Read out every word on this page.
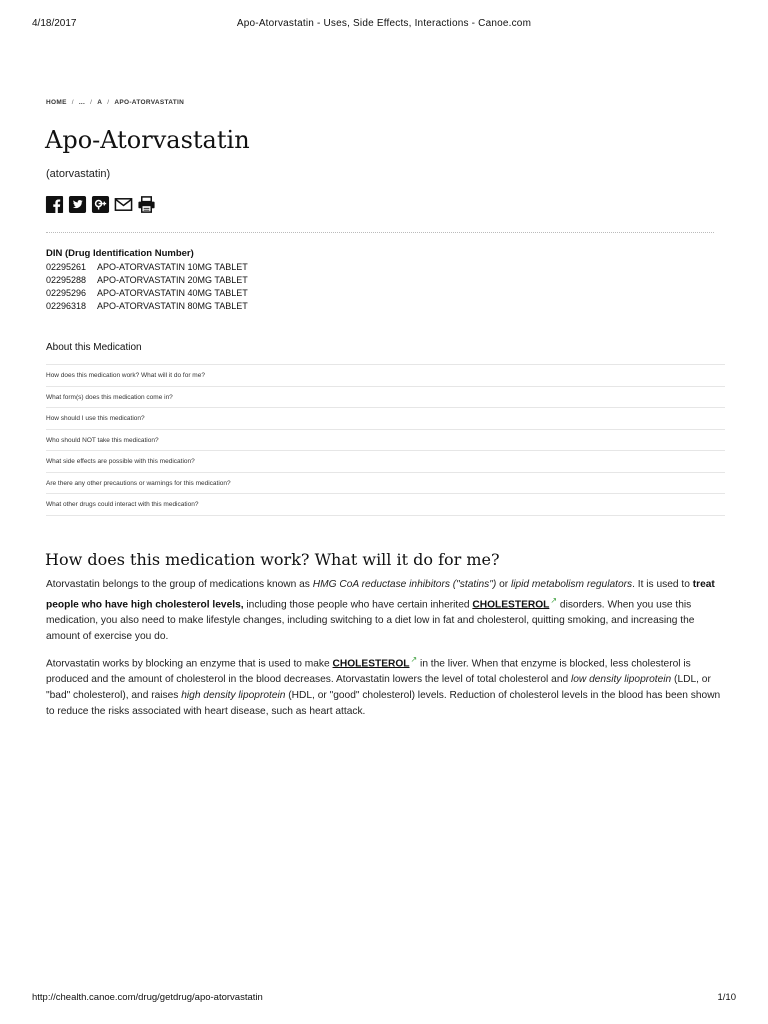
4/18/2017	Apo-Atorvastatin - Uses, Side Effects, Interactions - Canoe.com
HOME / ... / A / APO-ATORVASTATIN
Apo-Atorvastatin
(atorvastatin)
DIN (Drug Identification Number)
02295261	APO-ATORVASTATIN 10MG TABLET
02295288	APO-ATORVASTATIN 20MG TABLET
02295296	APO-ATORVASTATIN 40MG TABLET
02296318	APO-ATORVASTATIN 80MG TABLET
About this Medication
How does this medication work? What will it do for me?
What form(s) does this medication come in?
How should I use this medication?
Who should NOT take this medication?
What side effects are possible with this medication?
Are there any other precautions or warnings for this medication?
What other drugs could interact with this medication?
How does this medication work? What will it do for me?

Atorvastatin belongs to the group of medications known as HMG CoA reductase inhibitors ("statins") or lipid metabolism regulators. It is used to treat people who have high cholesterol levels, including those people who have certain inherited CHOLESTEROL↗ disorders. When you use this medication, you also need to make lifestyle changes, including switching to a diet low in fat and cholesterol, quitting smoking, and increasing the amount of exercise you do.

Atorvastatin works by blocking an enzyme that is used to make CHOLESTEROL↗ in the liver. When that enzyme is blocked, less cholesterol is produced and the amount of cholesterol in the blood decreases. Atorvastatin lowers the level of total cholesterol and low density lipoprotein (LDL, or "bad" cholesterol), and raises high density lipoprotein (HDL, or "good" cholesterol) levels. Reduction of cholesterol levels in the blood has been shown to reduce the risks associated with heart disease, such as heart attack.

http://chealth.canoe.com/drug/getdrug/apo-atorvastatin	1/10
